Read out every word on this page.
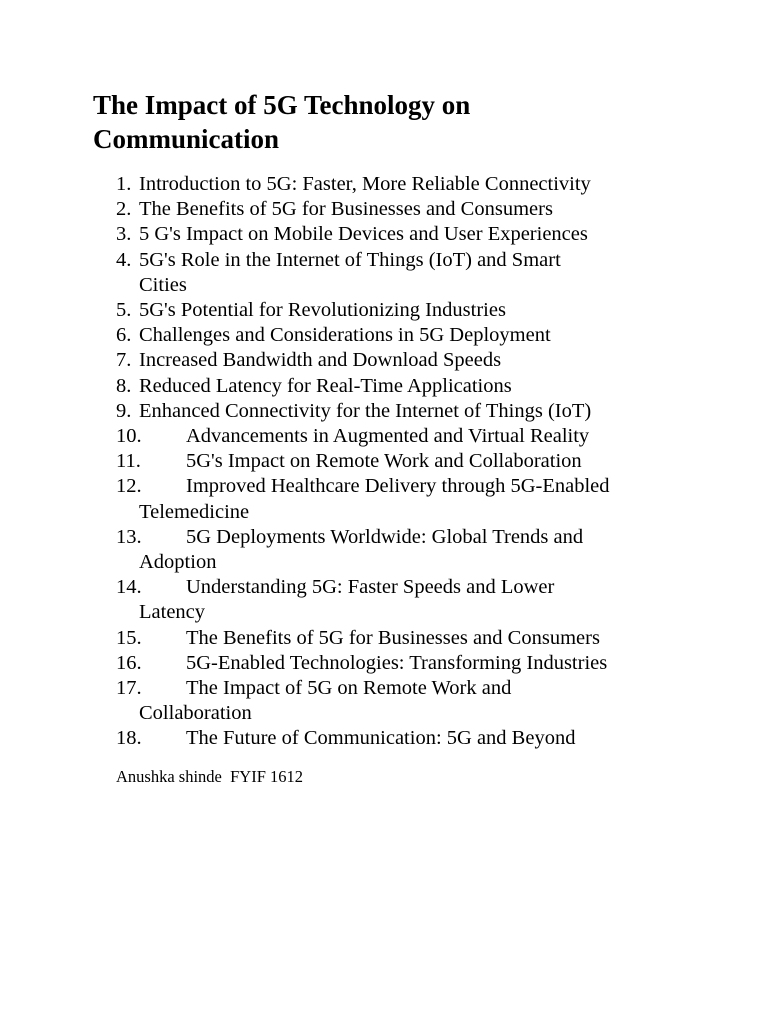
The Impact of 5G Technology on Communication
1. Introduction to 5G: Faster, More Reliable Connectivity
2. The Benefits of 5G for Businesses and Consumers
3. 5 G's Impact on Mobile Devices and User Experiences
4. 5G's Role in the Internet of Things (IoT) and Smart
Cities
5. 5G's Potential for Revolutionizing Industries
6. Challenges and Considerations in 5G Deployment
7. Increased Bandwidth and Download Speeds
8. Reduced Latency for Real-Time Applications
9. Enhanced Connectivity for the Internet of Things (IoT)
10.	Advancements in Augmented and Virtual Reality
11.	5G's Impact on Remote Work and Collaboration
12.	Improved Healthcare Delivery through 5G-Enabled
Telemedicine
13.	5G Deployments Worldwide: Global Trends and
Adoption
14.	Understanding 5G: Faster Speeds and Lower
Latency
15.	The Benefits of 5G for Businesses and Consumers
16.	5G-Enabled Technologies: Transforming Industries
17.	The Impact of 5G on Remote Work and
Collaboration
18.	The Future of Communication: 5G and Beyond

Anushka shinde  FYIF 1612
